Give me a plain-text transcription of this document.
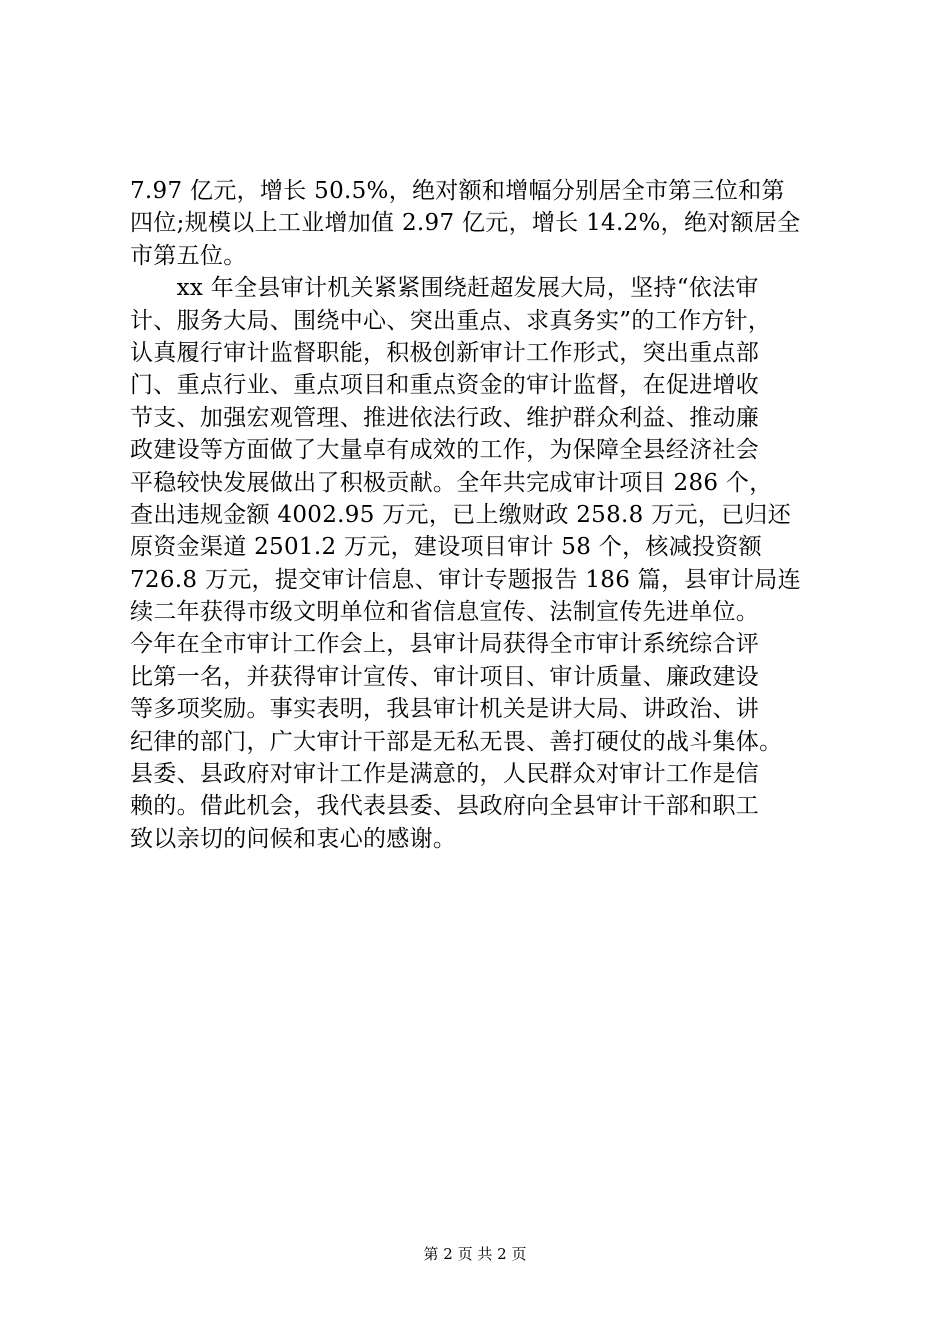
7.97 亿元，增长 50.5%，绝对额和增幅分别居全市第三位和第
四位;规模以上工业增加值 2.97 亿元，增长 14.2%，绝对额居全
市第五位。
　　xx 年全县审计机关紧紧围绕赶超发展大局，坚持“依法审
计、服务大局、围绕中心、突出重点、求真务实”的工作方针，
认真履行审计监督职能，积极创新审计工作形式，突出重点部
门、重点行业、重点项目和重点资金的审计监督，在促进增收
节支、加强宏观管理、推进依法行政、维护群众利益、推动廉
政建设等方面做了大量卓有成效的工作，为保障全县经济社会
平稳较快发展做出了积极贡献。全年共完成审计项目 286 个，
查出违规金额 4002.95 万元，已上缴财政 258.8 万元，已归还
原资金渠道 2501.2 万元，建设项目审计 58 个，核减投资额
726.8 万元，提交审计信息、审计专题报告 186 篇，县审计局连
续二年获得市级文明单位和省信息宣传、法制宣传先进单位。
今年在全市审计工作会上，县审计局获得全市审计系统综合评
比第一名，并获得审计宣传、审计项目、审计质量、廉政建设
等多项奖励。事实表明，我县审计机关是讲大局、讲政治、讲
纪律的部门，广大审计干部是无私无畏、善打硬仗的战斗集体。
县委、县政府对审计工作是满意的，人民群众对审计工作是信
赖的。借此机会，我代表县委、县政府向全县审计干部和职工
致以亲切的问候和衷心的感谢。
第 2 页 共 2 页
